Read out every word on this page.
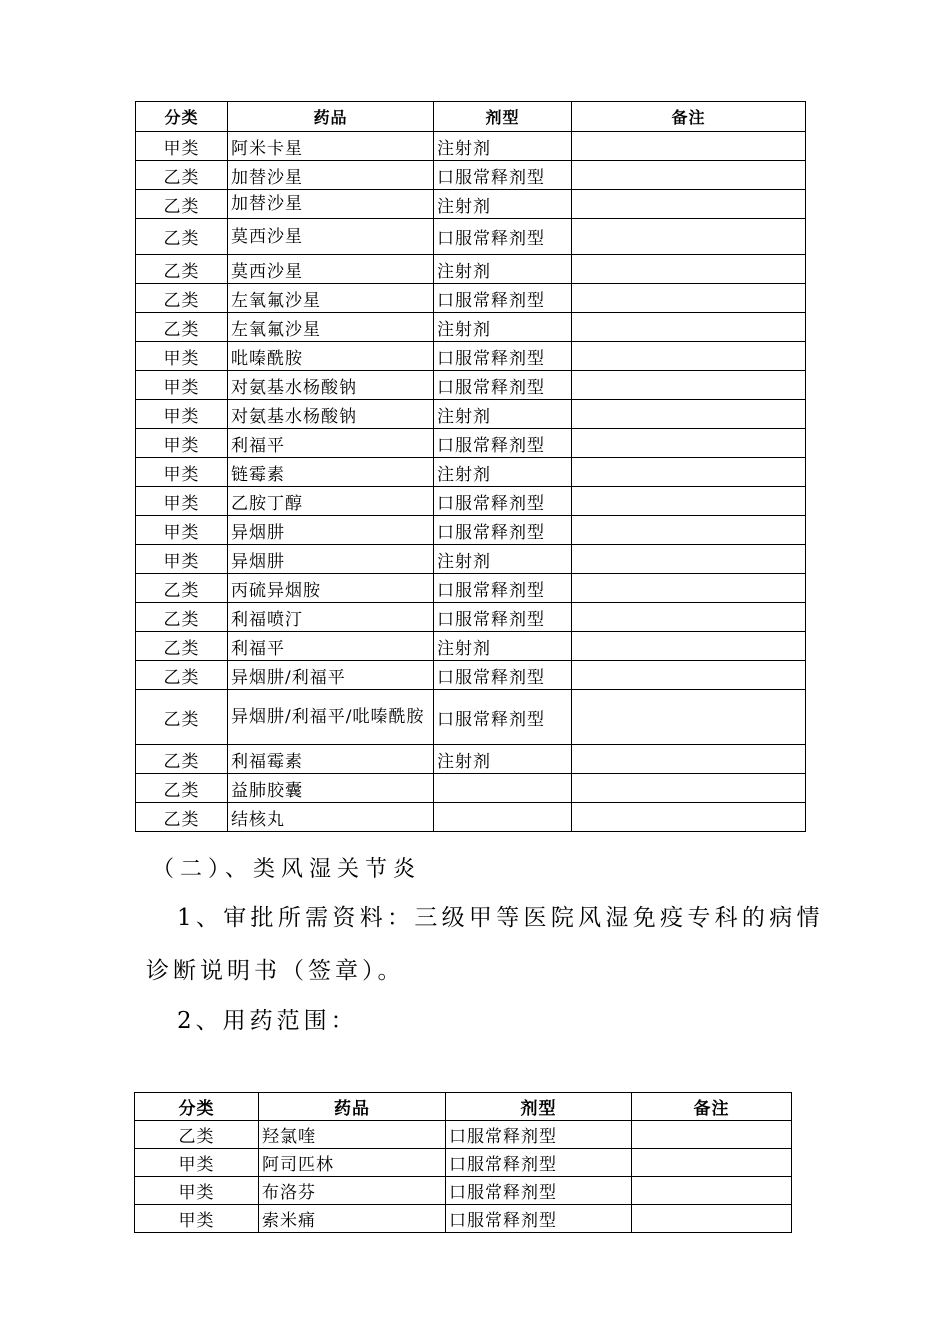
分类	药品	剂型	备注
甲类	阿米卡星	注射剂	
乙类	加替沙星	口服常释剂型	
乙类	加替沙星	注射剂	
乙类	莫西沙星	口服常释剂型	
乙类	莫西沙星	注射剂	
乙类	左氧氟沙星	口服常释剂型	
乙类	左氧氟沙星	注射剂	
甲类	吡嗪酰胺	口服常释剂型	
甲类	对氨基水杨酸钠	口服常释剂型	
甲类	对氨基水杨酸钠	注射剂	
甲类	利福平	口服常释剂型	
甲类	链霉素	注射剂	
甲类	乙胺丁醇	口服常释剂型	
甲类	异烟肼	口服常释剂型	
甲类	异烟肼	注射剂	
乙类	丙硫异烟胺	口服常释剂型	
乙类	利福喷汀	口服常释剂型	
乙类	利福平	注射剂	
乙类	异烟肼/利福平	口服常释剂型	
乙类	异烟肼/利福平/吡嗪酰胺	口服常释剂型	
乙类	利福霉素	注射剂	
乙类	益肺胶囊		
乙类	结核丸		
（二）、类风湿关节炎
1、审批所需资料：三级甲等医院风湿免疫专科的病情
诊断说明书（签章）。
2、用药范围：
分类	药品	剂型	备注
乙类	羟氯喹	口服常释剂型	
甲类	阿司匹林	口服常释剂型	
甲类	布洛芬	口服常释剂型	
甲类	索米痛	口服常释剂型	
